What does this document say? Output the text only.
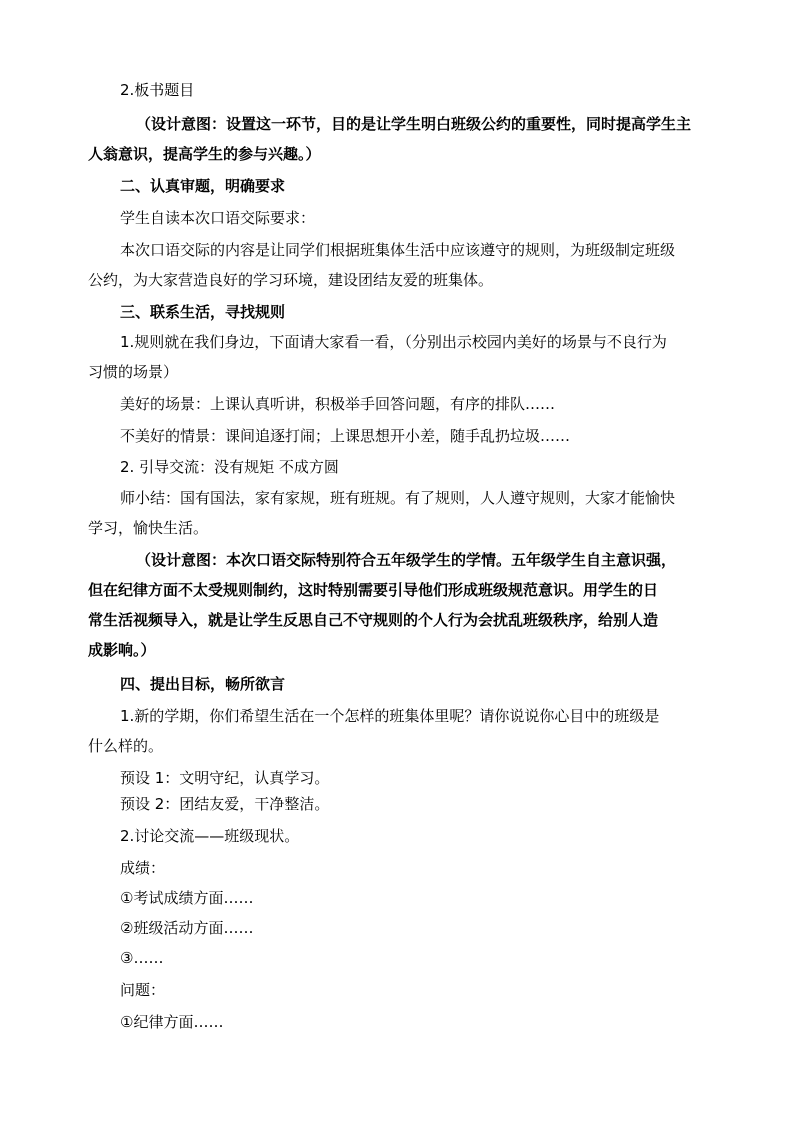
2.板书题目
（设计意图：设置这一环节，目的是让学生明白班级公约的重要性，同时提高学生主
人翁意识，提高学生的参与兴趣。）
二、认真审题，明确要求
学生自读本次口语交际要求：
本次口语交际的内容是让同学们根据班集体生活中应该遵守的规则，为班级制定班级
公约，为大家营造良好的学习环境，建设团结友爱的班集体。
三、联系生活，寻找规则
1.规则就在我们身边，下面请大家看一看，（分别出示校园内美好的场景与不良行为
习惯的场景）
美好的场景：上课认真听讲，积极举手回答问题，有序的排队……
不美好的情景：课间追逐打闹；上课思想开小差，随手乱扔垃圾……
2. 引导交流：没有规矩 不成方圆
师小结：国有国法，家有家规，班有班规。有了规则，人人遵守规则，大家才能愉快
学习，愉快生活。
（设计意图：本次口语交际特别符合五年级学生的学情。五年级学生自主意识强，
但在纪律方面不太受规则制约，这时特别需要引导他们形成班级规范意识。用学生的日
常生活视频导入，就是让学生反思自己不守规则的个人行为会扰乱班级秩序，给别人造
成影响。）
四、提出目标，畅所欲言
1.新的学期，你们希望生活在一个怎样的班集体里呢？请你说说你心目中的班级是
什么样的。
预设 1：文明守纪，认真学习。
预设 2：团结友爱，干净整洁。
2.讨论交流——班级现状。
成绩：
①考试成绩方面……
②班级活动方面……
③……
问题：
①纪律方面……
